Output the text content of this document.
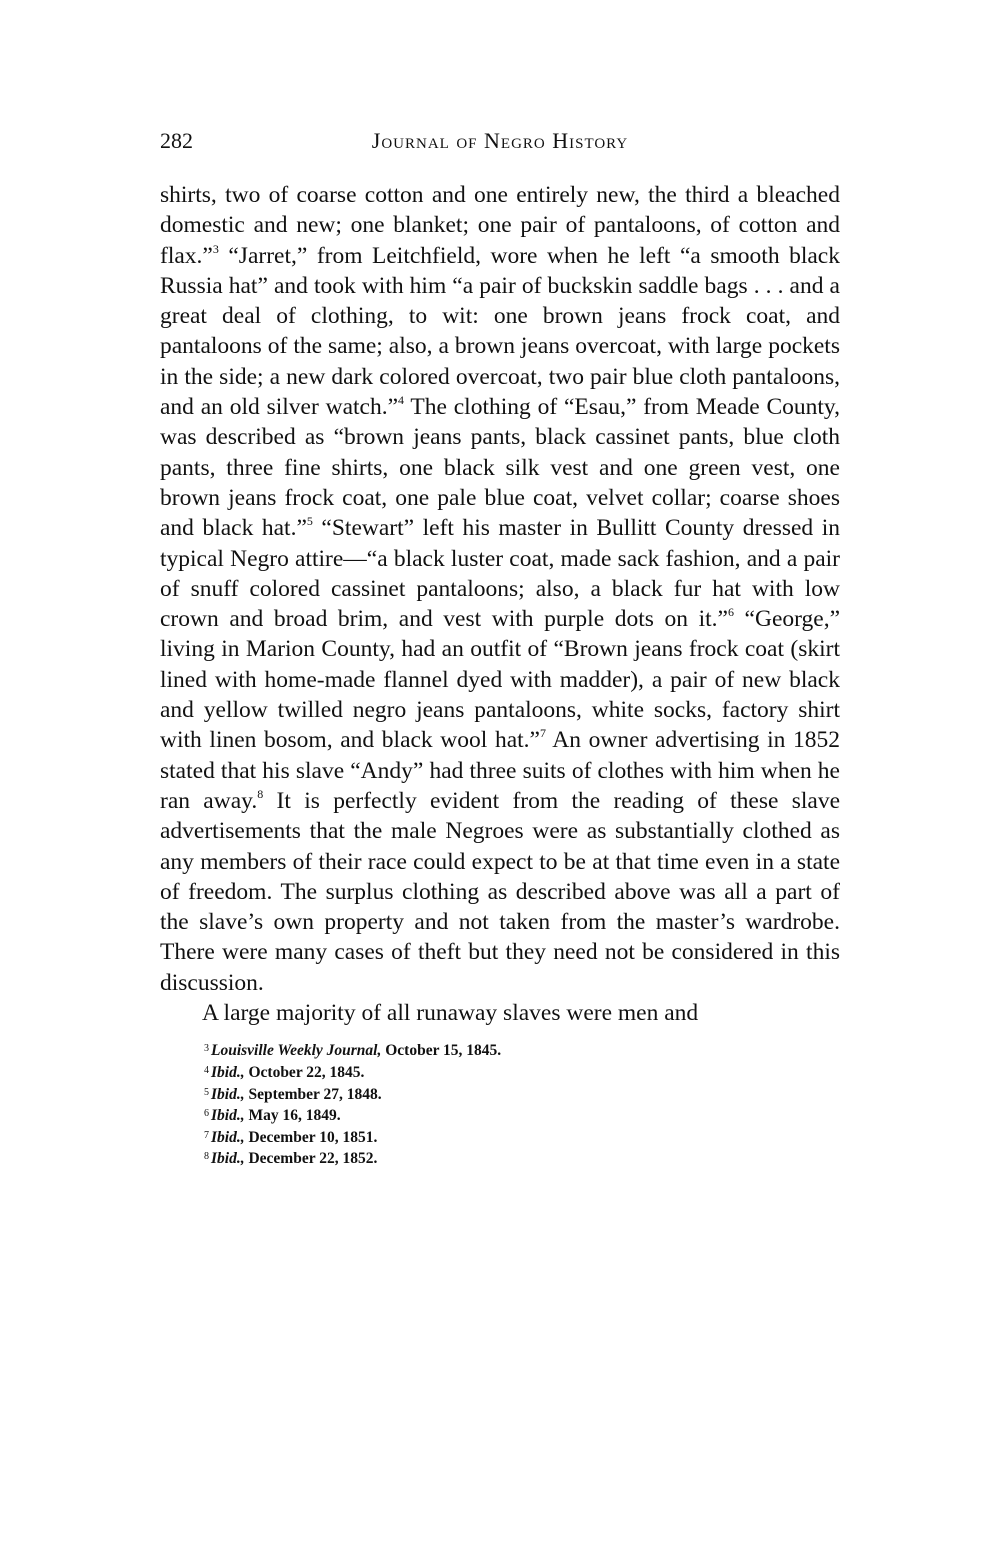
282	Journal of Negro History

shirts, two of coarse cotton and one entirely new, the third a bleached domestic and new; one blanket; one pair of pantaloons, of cotton and flax.”$^3$ “Jarret,” from Leitchfield, wore when he left “a smooth black Russia hat” and took with him “a pair of buckskin saddle bags . . . and a great deal of clothing, to wit: one brown jeans frock coat, and pantaloons of the same; also, a brown jeans overcoat, with large pockets in the side; a new dark colored overcoat, two pair blue cloth pantaloons, and an old silver watch.”$^4$ The clothing of “Esau,” from Meade County, was described as “brown jeans pants, black cassinet pants, blue cloth pants, three fine shirts, one black silk vest and one green vest, one brown jeans frock coat, one pale blue coat, velvet collar; coarse shoes and black hat.”$^5$ “Stewart” left his master in Bullitt County dressed in typical Negro attire—“a black luster coat, made sack fashion, and a pair of snuff colored cassinet pantaloons; also, a black fur hat with low crown and broad brim, and vest with purple dots on it.”$^6$ “George,” living in Marion County, had an outfit of “Brown jeans frock coat (skirt lined with home-made flannel dyed with madder), a pair of new black and yellow twilled negro jeans pantaloons, white socks, factory shirt with linen bosom, and black wool hat.”$^7$ An owner advertising in 1852 stated that his slave “Andy” had three suits of clothes with him when he ran away.$^8$ It is perfectly evident from the reading of these slave advertisements that the male Negroes were as substantially clothed as any members of their race could expect to be at that time even in a state of freedom. The surplus clothing as described above was all a part of the slave’s own property and not taken from the master’s wardrobe. There were many cases of theft but they need not be considered in this discussion.

A large majority of all runaway slaves were men and

$^3$ Louisville Weekly Journal, October 15, 1845.
$^4$ Ibid., October 22, 1845.
$^5$ Ibid., September 27, 1848.
$^6$ Ibid., May 16, 1849.
$^7$ Ibid., December 10, 1851.
$^8$ Ibid., December 22, 1852.
